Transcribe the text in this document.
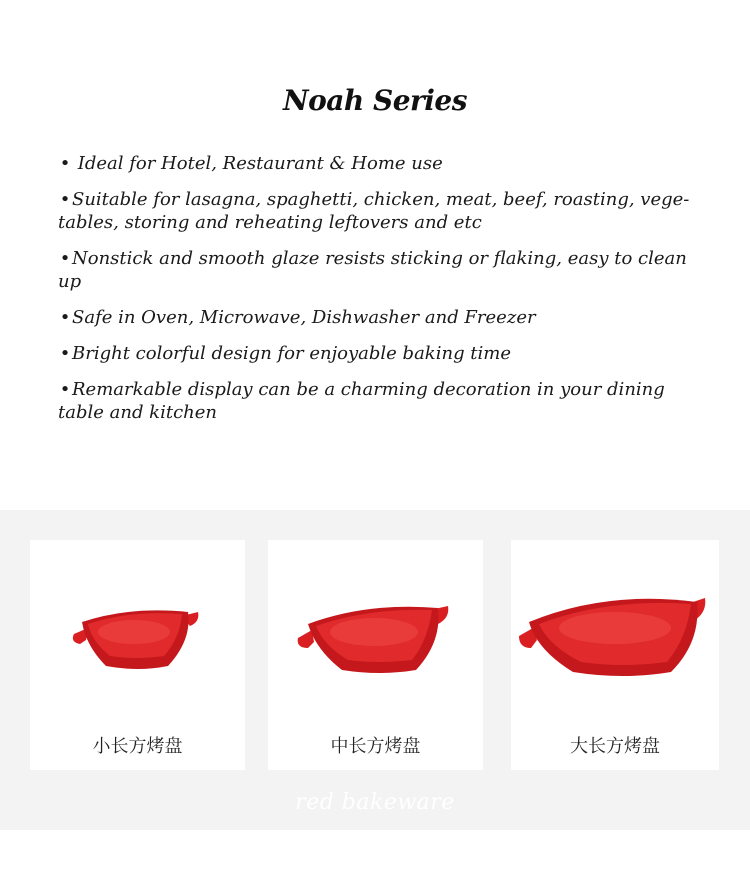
Noah Series
• Ideal for Hotel, Restaurant & Home use
•Suitable for lasagna, spaghetti, chicken, meat, beef, roasting, vege-tables, storing and reheating leftovers and etc
•Nonstick and smooth glaze resists sticking or flaking, easy to clean up
•Safe in Oven, Microwave, Dishwasher and Freezer
•Bright colorful design for enjoyable baking time
•Remarkable display can be a charming decoration in your dining table and kitchen
小长方烤盘	中长方烤盘	大长方烤盘
red bakeware
